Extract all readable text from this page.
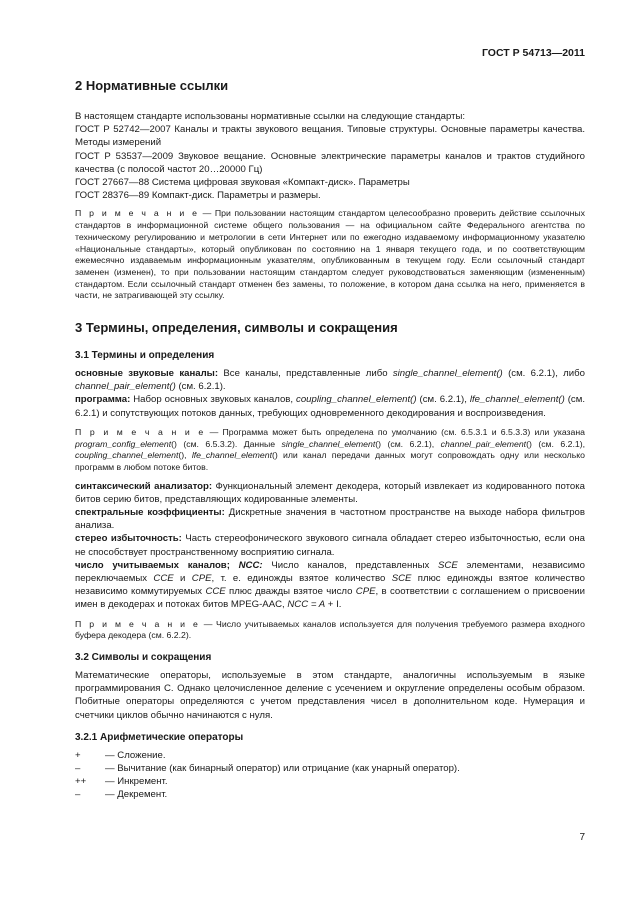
ГОСТ Р 54713—2011
2 Нормативные ссылки

В настоящем стандарте использованы нормативные ссылки на следующие стандарты:

ГОСТ Р 52742—2007 Каналы и тракты звукового вещания. Типовые структуры. Основные параметры качества. Методы измерений

ГОСТ Р 53537—2009 Звуковое вещание. Основные электрические параметры каналов и трактов студийного качества (с полосой частот 20…20000 Гц)

ГОСТ 27667—88 Система цифровая звуковая «Компакт-диск». Параметры

ГОСТ 28376—89 Компакт-диск. Параметры и размеры.

П р и м е ч а н и е — При пользовании настоящим стандартом целесообразно проверить действие ссылочных стандартов в информационной системе общего пользования — на официальном сайте Федерального агентства по техническому регулированию и метрологии в сети Интернет или по ежегодно издаваемому информационному указателю «Национальные стандарты», который опубликован по состоянию на 1 января текущего года, и по соответствующим ежемесячно издаваемым информационным указателям, опубликованным в текущем году. Если ссылочный стандарт заменен (изменен), то при пользовании настоящим стандартом следует руководствоваться заменяющим (измененным) стандартом. Если ссылочный стандарт отменен без замены, то положение, в котором дана ссылка на него, применяется в части, не затрагивающей эту ссылку.

3 Термины, определения, символы и сокращения
3.1 Термины и определения

основные звуковые каналы: Все каналы, представленные либо single_channel_element() (см. 6.2.1), либо channel_pair_element() (см. 6.2.1).

программа: Набор основных звуковых каналов, coupling_channel_element() (см. 6.2.1), lfe_channel_element() (см. 6.2.1) и сопутствующих потоков данных, требующих одновременного декодирования и воспроизведения.

П р и м е ч а н и е — Программа может быть определена по умолчанию (см. 6.5.3.1 и 6.5.3.3) или указана program_config_element() (см. 6.5.3.2). Данные single_channel_element() (см. 6.2.1), channel_pair_element() (см. 6.2.1), coupling_channel_element(), lfe_channel_element() или канал передачи данных могут сопровождать одну или несколько программ в любом потоке битов.

синтаксический анализатор: Функциональный элемент декодера, который извлекает из кодированного потока битов серию битов, представляющих кодированные элементы.

спектральные коэффициенты: Дискретные значения в частотном пространстве на выходе набора фильтров анализа.

стерео избыточность: Часть стереофонического звукового сигнала обладает стерео избыточностью, если она не способствует пространственному восприятию сигнала.

число учитываемых каналов; NCC: Число каналов, представленных SCE элементами, независимо переключаемых CCE и CPE, т. е. единожды взятое количество SCE плюс единожды взятое количество независимо коммутируемых CCE плюс дважды взятое число CPE, в соответствии с соглашением о присвоении имен в декодерах и потоках битов MPEG-AAC, NCC = A + I.

П р и м е ч а н и е — Число учитываемых каналов используется для получения требуемого размера входного буфера декодера (см. 6.2.2).

3.2 Символы и сокращения

Математические операторы, используемые в этом стандарте, аналогичны используемым в языке программирования С. Однако целочисленное деление с усечением и округление определены особым образом. Побитные операторы определяются с учетом представления чисел в дополнительном коде. Нумерация и счетчики циклов обычно начинаются с нуля.

3.2.1 Арифметические операторы
+	— Сложение.
–	— Вычитание (как бинарный оператор) или отрицание (как унарный оператор).
++	— Инкремент.
–	— Декремент.
7
